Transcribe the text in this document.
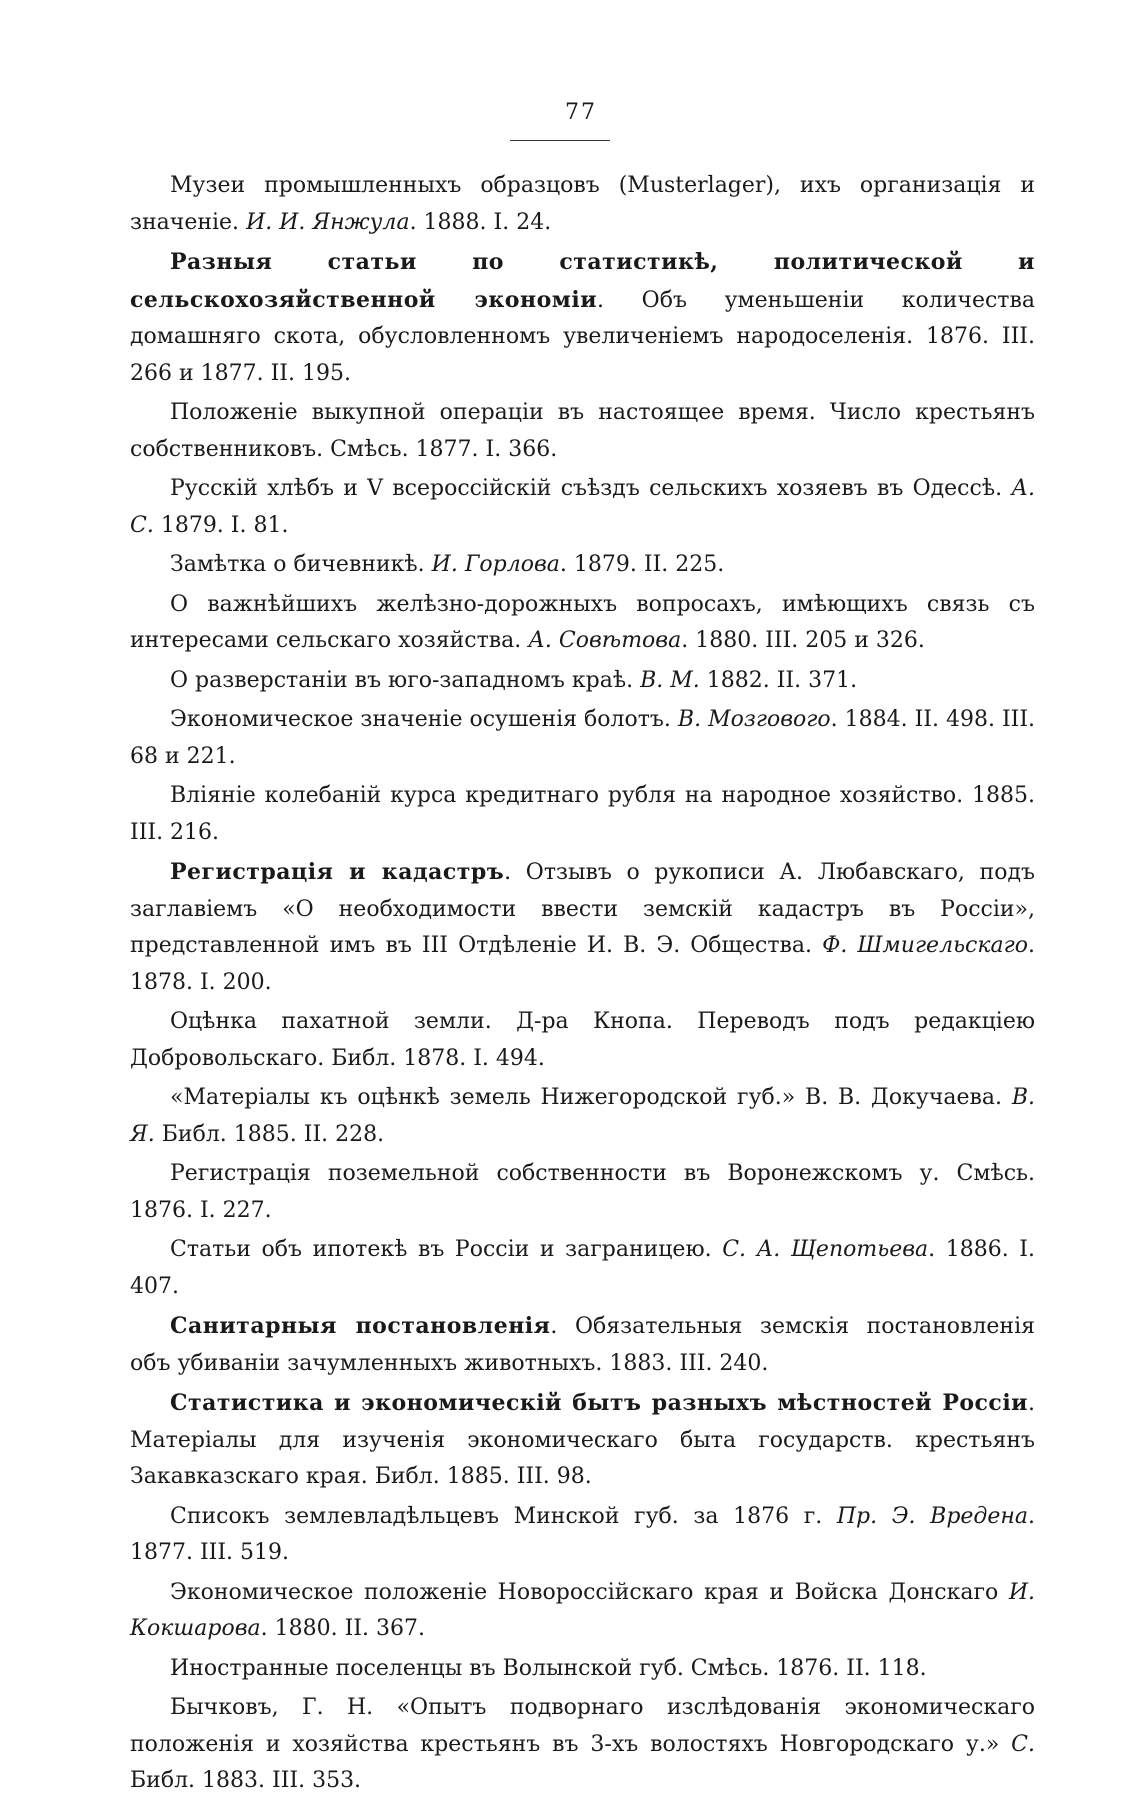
77

Музеи промышленныхъ образцовъ (Musterlager), ихъ организація и значеніе. И. И. Янжула. 1888. I. 24.

Разныя статьи по статистикѣ, политической и сельскохозяйственной экономіи. Объ уменьшеніи количества домашняго скота, обусловленномъ увеличеніемъ народоселенія. 1876. III. 266 и 1877. II. 195.

Положеніе выкупной операціи въ настоящее время. Число крестьянъ собственниковъ. Смѣсь. 1877. I. 366.

Русскій хлѣбъ и V всероссійскій съѣздъ сельскихъ хозяевъ въ Одессѣ. А. С. 1879. I. 81.

Замѣтка о бичевникѣ. И. Горлова. 1879. II. 225.

О важнѣйшихъ желѣзно-дорожныхъ вопросахъ, имѣющихъ связь съ интересами сельскаго хозяйства. А. Совѣтова. 1880. III. 205 и 326.

О разверстаніи въ юго-западномъ краѣ. В. М. 1882. II. 371.

Экономическое значеніе осушенія болотъ. В. Мозгового. 1884. II. 498. III. 68 и 221.

Вліяніе колебаній курса кредитнаго рубля на народное хозяйство. 1885. III. 216.

Регистрація и кадастръ. Отзывъ о рукописи А. Любавскаго, подъ заглавіемъ «О необходимости ввести земскій кадастръ въ Россіи», представленной имъ въ III Отдѣленіе И. В. Э. Общества. Ф. Шмигельскаго. 1878. I. 200.

Оцѣнка пахатной земли. Д-ра Кнопа. Переводъ подъ редакціею Добровольскаго. Библ. 1878. I. 494.

«Матеріалы къ оцѣнкѣ земель Нижегородской губ.» В. В. Докучаева. В. Я. Библ. 1885. II. 228.

Регистрація поземельной собственности въ Воронежскомъ у. Смѣсь. 1876. I. 227.

Статьи объ ипотекѣ въ Россіи и заграницею. С. А. Щепотьева. 1886. I. 407.

Санитарныя постановленія. Обязательныя земскія постановленія объ убиваніи зачумленныхъ животныхъ. 1883. III. 240.

Статистика и экономическій бытъ разныхъ мѣстностей Россіи. Матеріалы для изученія экономическаго быта государств. крестьянъ Закавказскаго края. Библ. 1885. III. 98.

Списокъ землевладѣльцевъ Минской губ. за 1876 г. Пр. Э. Вредена. 1877. III. 519.

Экономическое положеніе Новороссійскаго края и Войска Донскаго И. Кокшарова. 1880. II. 367.

Иностранные поселенцы въ Волынской губ. Смѣсь. 1876. II. 118.

Бычковъ, Г. Н. «Опытъ подворнаго изслѣдованія экономическаго положенія и хозяйства крестьянъ въ 3-хъ волостяхъ Новгородскаго у.» С. Библ. 1883. III. 353.
